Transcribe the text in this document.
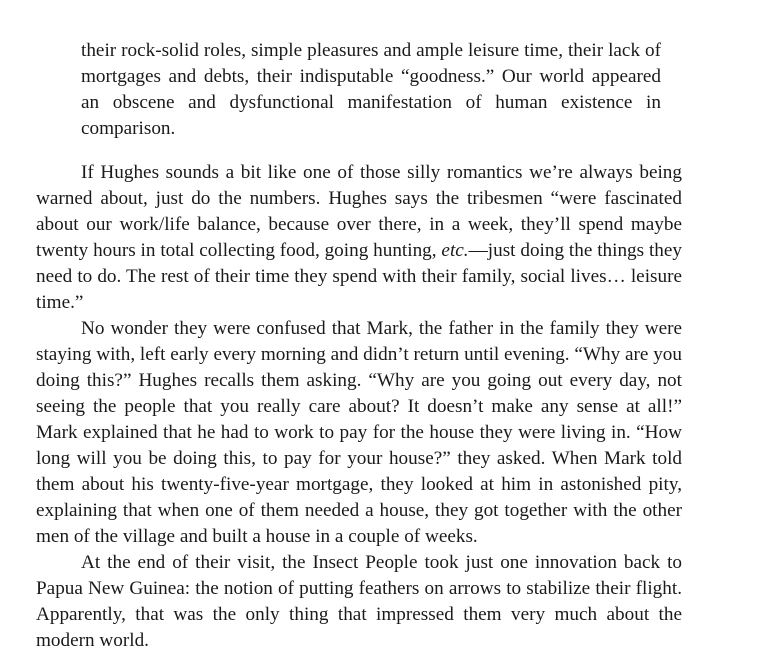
their rock-solid roles, simple pleasures and ample leisure time, their lack of mortgages and debts, their indisputable “goodness.” Our world appeared an obscene and dysfunctional manifestation of human existence in comparison.

If Hughes sounds a bit like one of those silly romantics we’re always being warned about, just do the numbers. Hughes says the tribesmen “were fascinated about our work/life balance, because over there, in a week, they’ll spend maybe twenty hours in total collecting food, going hunting, etc.—just doing the things they need to do. The rest of their time they spend with their family, social lives… leisure time.”

No wonder they were confused that Mark, the father in the family they were staying with, left early every morning and didn’t return until evening. “Why are you doing this?” Hughes recalls them asking. “Why are you going out every day, not seeing the people that you really care about? It doesn’t make any sense at all!” Mark explained that he had to work to pay for the house they were living in. “How long will you be doing this, to pay for your house?” they asked. When Mark told them about his twenty-five-year mortgage, they looked at him in astonished pity, explaining that when one of them needed a house, they got together with the other men of the village and built a house in a couple of weeks.

At the end of their visit, the Insect People took just one innovation back to Papua New Guinea: the notion of putting feathers on arrows to stabilize their flight. Apparently, that was the only thing that impressed them very much about the modern world.
